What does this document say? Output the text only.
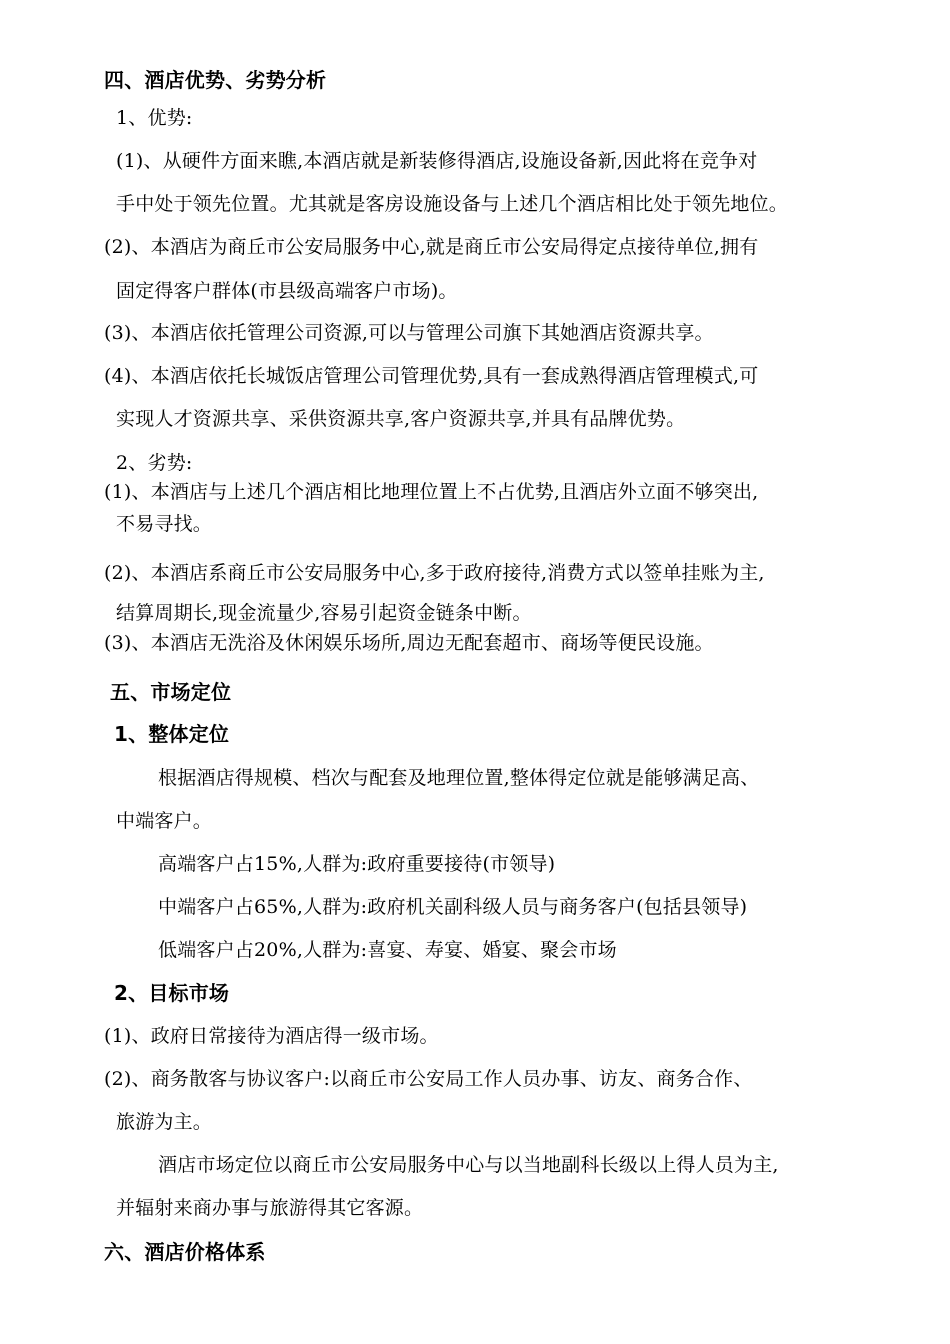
四、酒店优势、劣势分析
1、优势:
(1)、从硬件方面来瞧,本酒店就是新装修得酒店,设施设备新,因此将在竞争对
手中处于领先位置。尤其就是客房设施设备与上述几个酒店相比处于领先地位。
(2)、本酒店为商丘市公安局服务中心,就是商丘市公安局得定点接待单位,拥有
固定得客户群体(市县级高端客户市场)。
(3)、本酒店依托管理公司资源,可以与管理公司旗下其她酒店资源共享。
(4)、本酒店依托长城饭店管理公司管理优势,具有一套成熟得酒店管理模式,可
实现人才资源共享、采供资源共享,客户资源共享,并具有品牌优势。
2、劣势:
(1)、本酒店与上述几个酒店相比地理位置上不占优势,且酒店外立面不够突出,
不易寻找。
(2)、本酒店系商丘市公安局服务中心,多于政府接待,消费方式以签单挂账为主,
结算周期长,现金流量少,容易引起资金链条中断。
(3)、本酒店无洗浴及休闲娱乐场所,周边无配套超市、商场等便民设施。
五、市场定位
1、整体定位
根据酒店得规模、档次与配套及地理位置,整体得定位就是能够满足高、
中端客户。
高端客户占15%,人群为:政府重要接待(市领导)
中端客户占65%,人群为:政府机关副科级人员与商务客户(包括县领导)
低端客户占20%,人群为:喜宴、寿宴、婚宴、聚会市场
2、目标市场
(1)、政府日常接待为酒店得一级市场。
(2)、商务散客与协议客户:以商丘市公安局工作人员办事、访友、商务合作、
旅游为主。
酒店市场定位以商丘市公安局服务中心与以当地副科长级以上得人员为主,
并辐射来商办事与旅游得其它客源。
六、酒店价格体系
